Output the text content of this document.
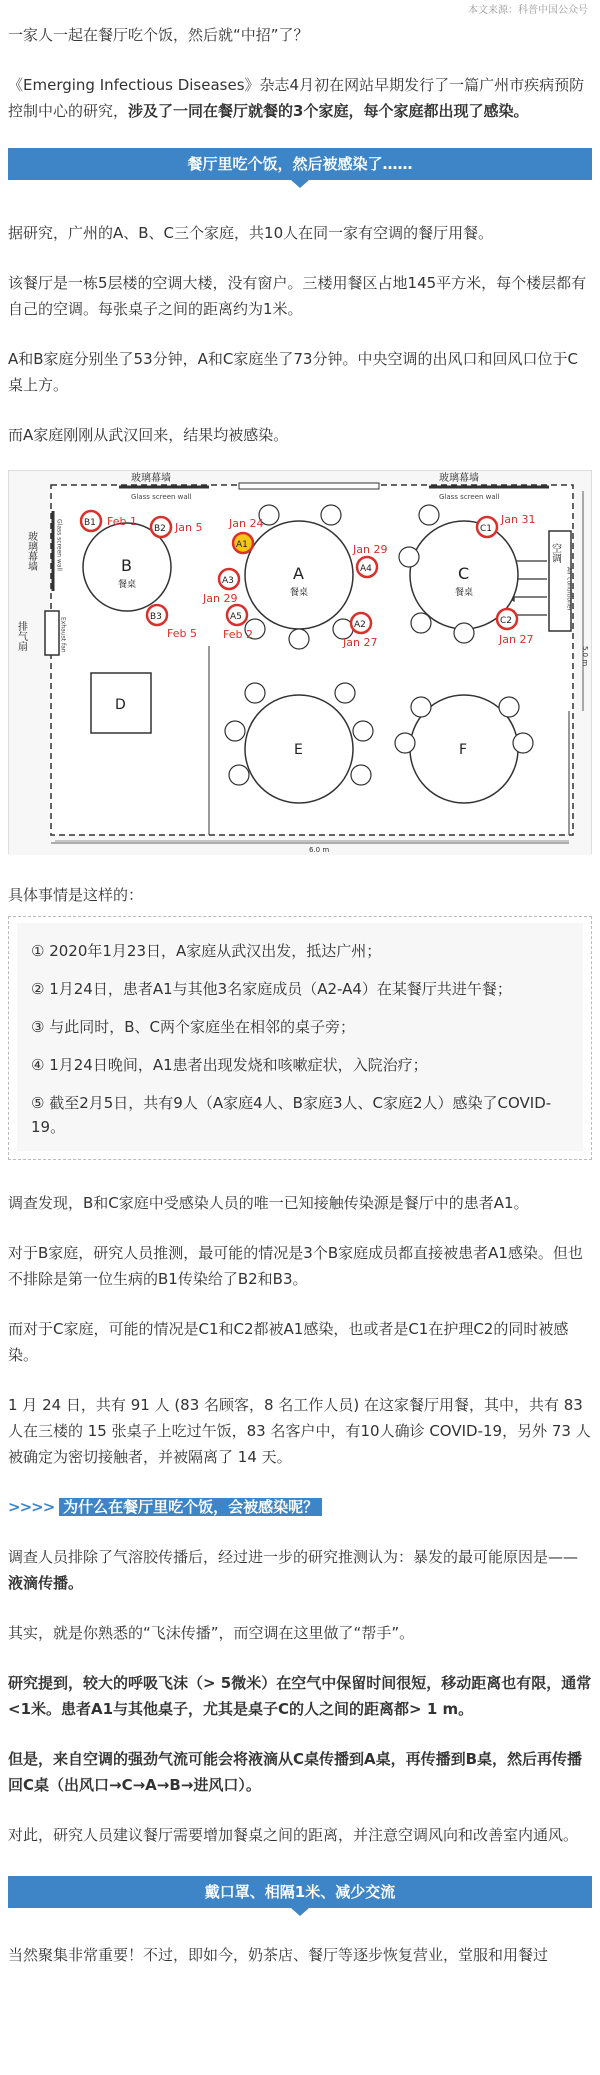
本文来源：科普中国公众号

一家人一起在餐厅吃个饭，然后就“中招”了？

《Emerging Infectious Diseases》杂志4月初在网站早期发行了一篇广州市疾病预防控制中心的研究，涉及了一同在餐厅就餐的3个家庭，每个家庭都出现了感染。

餐厅里吃个饭，然后被感染了……

据研究，广州的A、B、C三个家庭，共10人在同一家有空调的餐厅用餐。

该餐厅是一栋5层楼的空调大楼，没有窗户。三楼用餐区占地145平方米，每个楼层都有自己的空调。每张桌子之间的距离约为1米。

A和B家庭分别坐了53分钟，A和C家庭坐了73分钟。中央空调的出风口和回风口位于C桌上方。

而A家庭刚刚从武汉回来，结果均被感染。

玻璃幕墙
Glass screen wall
玻璃幕墙
Glass screen wall
玻璃幕墙	Glass screen wall
排气扇	Exhaust fan
空调
Air conditioner
5.0 m
6.0 m
B
餐桌
A
餐桌
C
餐桌
D
E	F
A1
Jan 24
A2
Jan 27
A3
Jan 29
A4
Jan 29
A5
Feb 2
B1 Feb 1
B2 Jan 5
B3
Feb 5
C1
Jan 31
C2
Jan 27

具体事情是这样的：

① 2020年1月23日，A家庭从武汉出发，抵达广州；
② 1月24日，患者A1与其他3名家庭成员（A2-A4）在某餐厅共进午餐；
③ 与此同时，B、C两个家庭坐在相邻的桌子旁；
④ 1月24日晚间，A1患者出现发烧和咳嗽症状，入院治疗；
⑤ 截至2月5日，共有9人（A家庭4人、B家庭3人、C家庭2人）感染了COVID-19。

调查发现，B和C家庭中受感染人员的唯一已知接触传染源是餐厅中的患者A1。

对于B家庭，研究人员推测，最可能的情况是3个B家庭成员都直接被患者A1感染。但也不排除是第一位生病的B1传染给了B2和B3。

而对于C家庭，可能的情况是C1和C2都被A1感染，也或者是C1在护理C2的同时被感染。

1 月 24 日，共有 91 人 (83 名顾客，8 名工作人员) 在这家餐厅用餐，其中，共有 83 人在三楼的 15 张桌子上吃过午饭，83 名客户中，有10人确诊 COVID-19，另外 73 人被确定为密切接触者，并被隔离了 14 天。

>>>> 为什么在餐厅里吃个饭，会被感染呢？

调查人员排除了气溶胶传播后，经过进一步的研究推测认为：暴发的最可能原因是——液滴传播。

其实，就是你熟悉的“飞沫传播”，而空调在这里做了“帮手”。

研究提到，较大的呼吸飞沫（> 5微米）在空气中保留时间很短，移动距离也有限，通常<1米。患者A1与其他桌子，尤其是桌子C的人之间的距离都> 1 m。

但是，来自空调的强劲气流可能会将液滴从C桌传播到A桌，再传播到B桌，然后再传播回C桌（出风口→C→A→B→进风口）。

对此，研究人员建议餐厅需要增加餐桌之间的距离，并注意空调风向和改善室内通风。

戴口罩、相隔1米、减少交流

当然聚集非常重要！不过，即如今，奶茶店、餐厅等逐步恢复营业，堂服和用餐过
